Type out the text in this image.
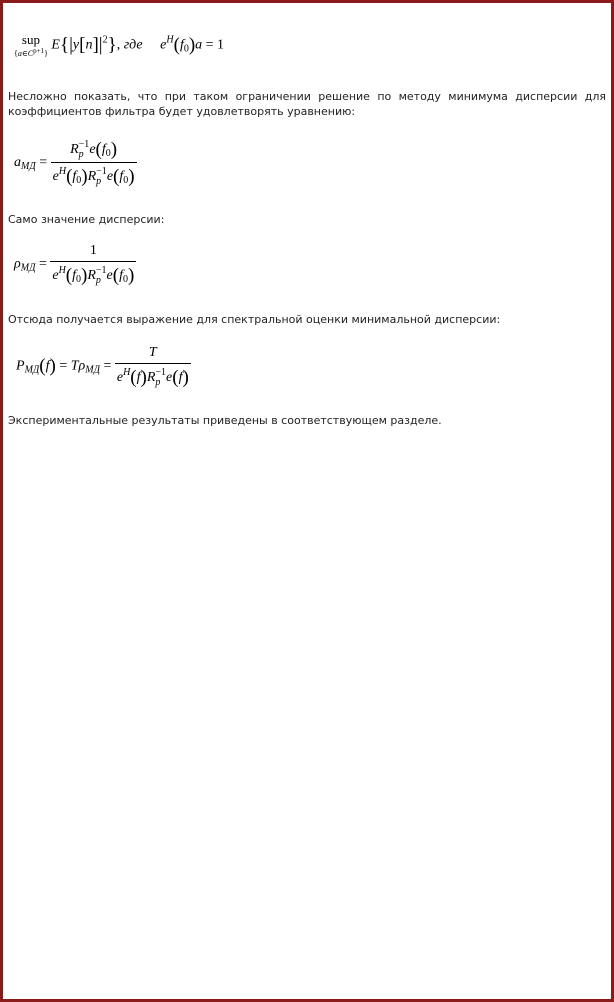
sup
$\{a\in C^{p+1}\}$
$E\{|y[n]|^2\}$, где $e^H(f_0)a = 1$
Несложно показать, что при таком ограничении решение по методу минимума дисперсии для коэффициентов фильтра будет удовлетворять уравнению:
$a_{МД} = \frac{R_p^{-1}e(f_0)}{e^H(f_0)R_p^{-1}e(f_0)}$
Само значение дисперсии:
$\rho_{МД} = \frac{1}{e^H(f_0)R_p^{-1}e(f_0)}$
Отсюда получается выражение для спектральной оценки минимальной дисперсии:
$P_{МД}(f) = T\rho_{МД} = \frac{T}{e^H(f)R_p^{-1}e(f)}$
Экспериментальные результаты приведены в соответствующем разделе.
